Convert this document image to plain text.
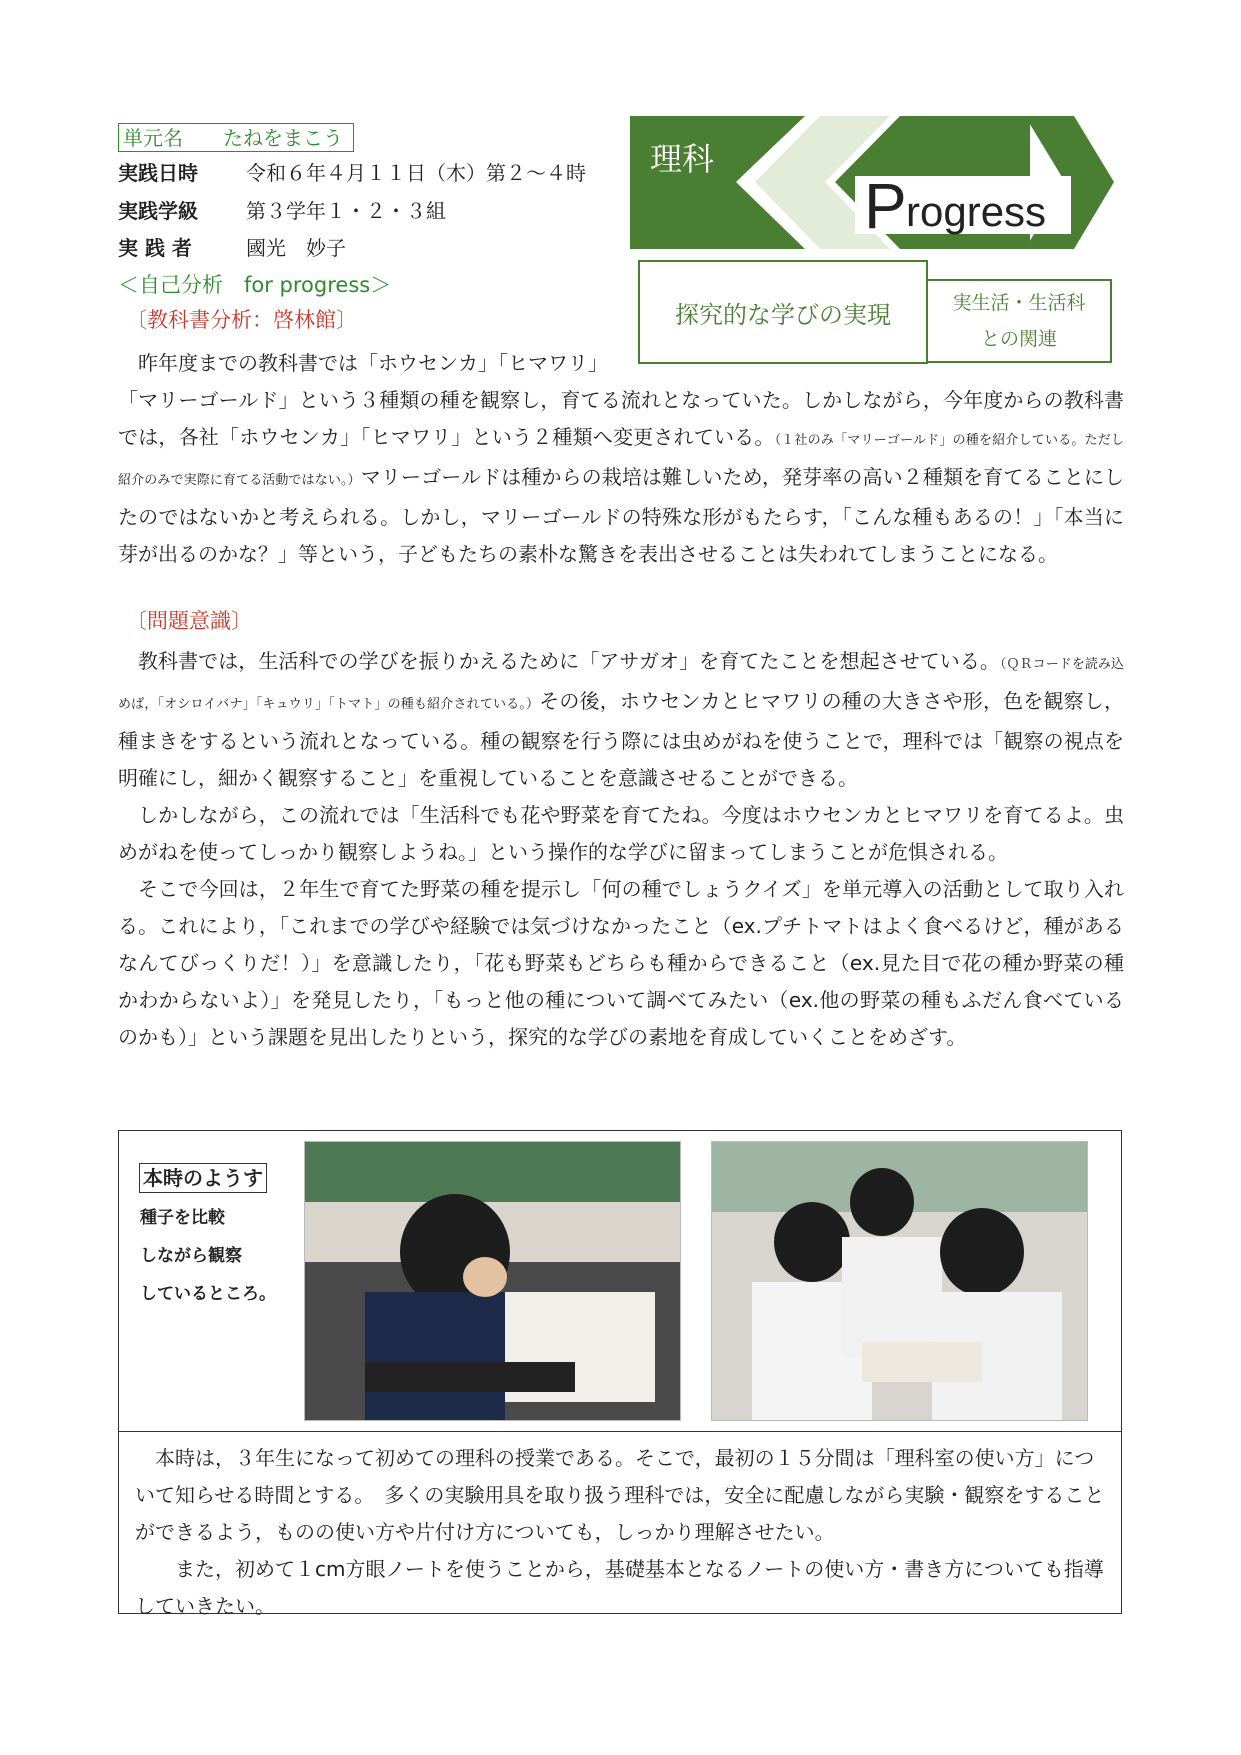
単元名 たねをまこう
実践日時 令和６年４月１１日（木）第２～４時
実践学級 第３学年１・２・３組
実 践 者	國光　妙子
＜自己分析　for progress＞
〔教科書分析：啓林館〕
理科
P rogress
探究的な学びの実現	実生活・生活科
との関連

昨年度までの教科書では「ホウセンカ」「ヒマワリ」

「マリーゴールド」という３種類の種を観察し，育てる流れとなっていた。しかしながら，今年度からの教科書では，各社「ホウセンカ」「ヒマワリ」という２種類へ変更されている。（１社のみ「マリーゴールド」の種を紹介している。ただし紹介のみで実際に育てる活動ではない。）マリーゴールドは種からの栽培は難しいため，発芽率の高い２種類を育てることにしたのではないかと考えられる。しかし，マリーゴールドの特殊な形がもたらす，「こんな種もあるの！」「本当に芽が出るのかな？」等という，子どもたちの素朴な驚きを表出させることは失われてしまうことになる。

〔問題意識〕

教科書では，生活科での学びを振りかえるために「アサガオ」を育てたことを想起させている。（ＱＲコードを読み込めば，「オシロイバナ」「キュウリ」「トマト」の種も紹介されている。）その後，ホウセンカとヒマワリの種の大きさや形，色を観察し，種まきをするという流れとなっている。種の観察を行う際には虫めがねを使うことで，理科では「観察の視点を明確にし，細かく観察すること」を重視していることを意識させることができる。

しかしながら，この流れでは「生活科でも花や野菜を育てたね。今度はホウセンカとヒマワリを育てるよ。虫めがねを使ってしっかり観察しようね。」という操作的な学びに留まってしまうことが危惧される。

そこで今回は，２年生で育てた野菜の種を提示し「何の種でしょうクイズ」を単元導入の活動として取り入れる。これにより，「これまでの学びや経験では気づけなかったこと（ex.プチトマトはよく食べるけど，種があるなんてびっくりだ！）」を意識したり，「花も野菜もどちらも種からできること（ex.見た目で花の種か野菜の種かわからないよ）」を発見したり，「もっと他の種について調べてみたい（ex.他の野菜の種もふだん食べているのかも）」という課題を見出したりという，探究的な学びの素地を育成していくことをめざす。

本時のようす
種子を比較
しながら観察
しているところ。

本時は，３年生になって初めての理科の授業である。そこで，最初の１５分間は「理科室の使い方」について知らせる時間とする。　多くの実験用具を取り扱う理科では，安全に配慮しながら実験・観察をすることができるよう，ものの使い方や片付け方についても，しっかり理解させたい。

また，初めて１cm方眼ノートを使うことから，基礎基本となるノートの使い方・書き方についても指導していきたい。
